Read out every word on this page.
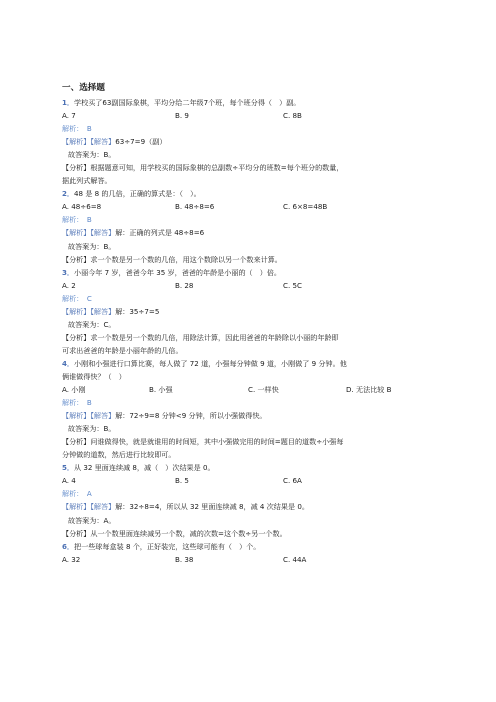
一、选择题
1．学校买了63副国际象棋，平均分给二年级7个班，每个班分得（　）副。
A. 7	B. 9	C. 8B
解析：　B
【解析】【解答】63÷7=9（副）
故答案为：B。
【分析】根据题意可知，用学校买的国际象棋的总副数÷平均分的班数=每个班分的数量，
据此列式解答。
2．48 是 8 的几倍，正确的算式是：（　）。
A. 48÷6=8	B. 48÷8=6	C. 6×8=48B
解析：　B
【解析】【解答】解：正确的列式是 48÷8=6
故答案为：B。
【分析】求一个数是另一个数的几倍，用这个数除以另一个数来计算。
3．小丽今年 7 岁，爸爸今年 35 岁，爸爸的年龄是小丽的（　）倍。
A. 2	B. 28	C. 5C
解析：　C
【解析】【解答】解：35÷7=5
故答案为：C。
【分析】求一个数是另一个数的几倍，用除法计算，因此用爸爸的年龄除以小丽的年龄即
可求出爸爸的年龄是小丽年龄的几倍。
4．小刚和小强进行口算比赛，每人做了 72 道，小强每分钟做 9 道，小刚做了 9 分钟。他
俩谁做得快？（　）
A. 小刚	B. 小强	C. 一样快	D. 无法比较 B
解析：　B
【解析】【解答】解：72÷9=8 分钟<9 分钟，所以小强做得快。
故答案为：B。
【分析】问谁做得快，就是就谁用的时间短，其中小强做完用的时间=题目的道数÷小强每
分钟做的道数，然后进行比较即可。
5．从 32 里面连续减 8，减（　）次结果是 0。
A. 4	B. 5	C. 6A
解析：　A
【解析】【解答】解：32÷8=4，所以从 32 里面连续减 8，减 4 次结果是 0。
故答案为：A。
【分析】从一个数里面连续减另一个数，减的次数=这个数÷另一个数。
6．把一些球每盒装 8 个，正好装完，这些球可能有（　）个。
A. 32	B. 38	C. 44A
